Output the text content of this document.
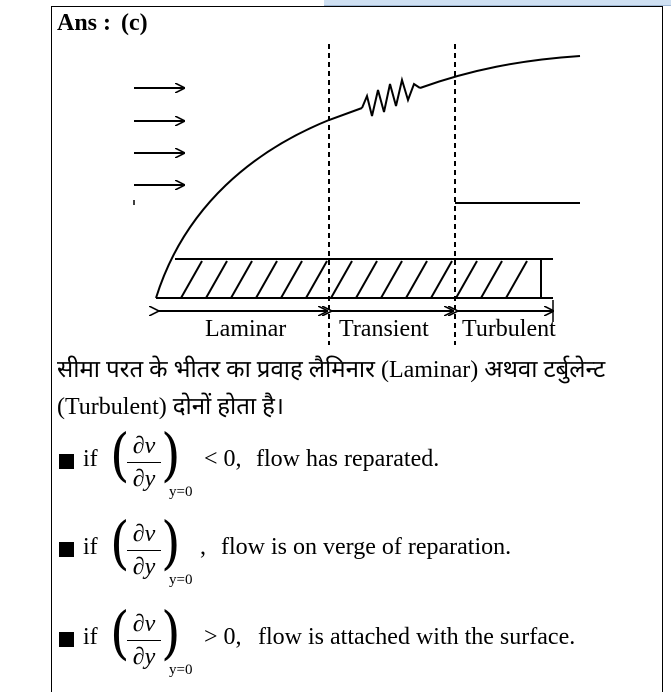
Ans : (c)
Laminar Transient Turbulent
सीमा परत के भीतर का प्रवाह लैमिनार (Laminar) अथवा टर्बुलेन्ट (Turbulent) दोनों होता है।
if ( ∂v
∂y )
y=0
< 0, flow has reparated.
if ( ∂v
∂y )
y=0
, flow is on verge of reparation.
if ( ∂v
∂y )
y=0
> 0, flow is attached with the surface.
